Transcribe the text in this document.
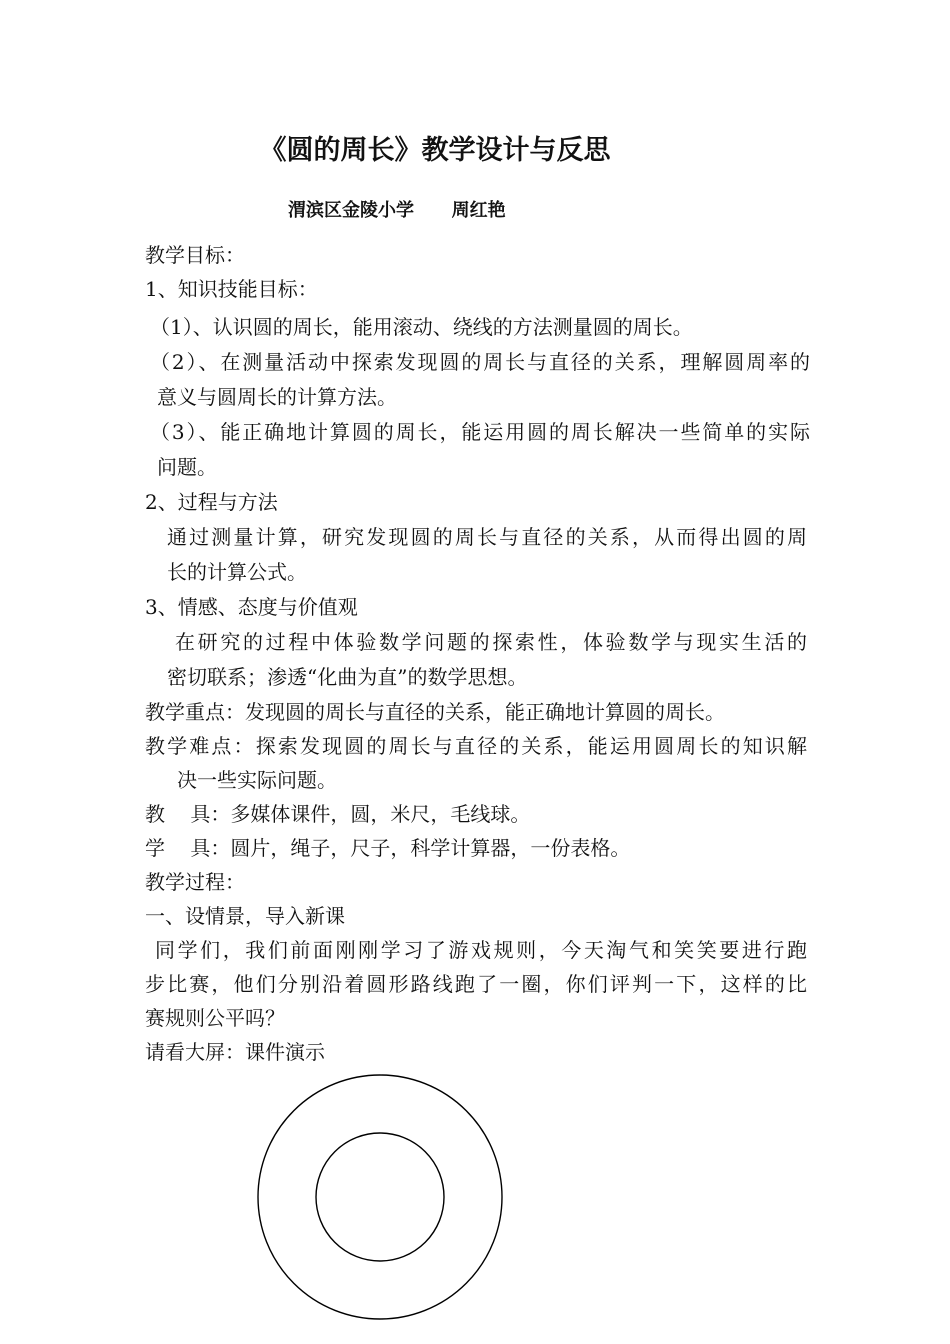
《圆的周长》教学设计与反思
渭滨区金陵小学      周红艳
教学目标：
1、知识技能目标：
（1）、认识圆的周长，能用滚动、绕线的方法测量圆的周长。
（2）、在测量活动中探索发现圆的周长与直径的关系，理解圆周率的
意义与圆周长的计算方法。
（3）、能正确地计算圆的周长，能运用圆的周长解决一些简单的实际
问题。
2、过程与方法
通过测量计算，研究发现圆的周长与直径的关系，从而得出圆的周
长的计算公式。
3、情感、态度与价值观
在研究的过程中体验数学问题的探索性，体验数学与现实生活的
密切联系；渗透“化曲为直”的数学思想。
教学重点：发现圆的周长与直径的关系，能正确地计算圆的周长。
教学难点：探索发现圆的周长与直径的关系，能运用圆周长的知识解
决一些实际问题。
教    具：多媒体课件，圆，米尺，毛线球。
学    具：圆片，绳子，尺子，科学计算器，一份表格。
教学过程：
一、设情景，导入新课
同学们，我们前面刚刚学习了游戏规则，今天淘气和笑笑要进行跑
步比赛，他们分别沿着圆形路线跑了一圈，你们评判一下，这样的比
赛规则公平吗？
请看大屏：课件演示
